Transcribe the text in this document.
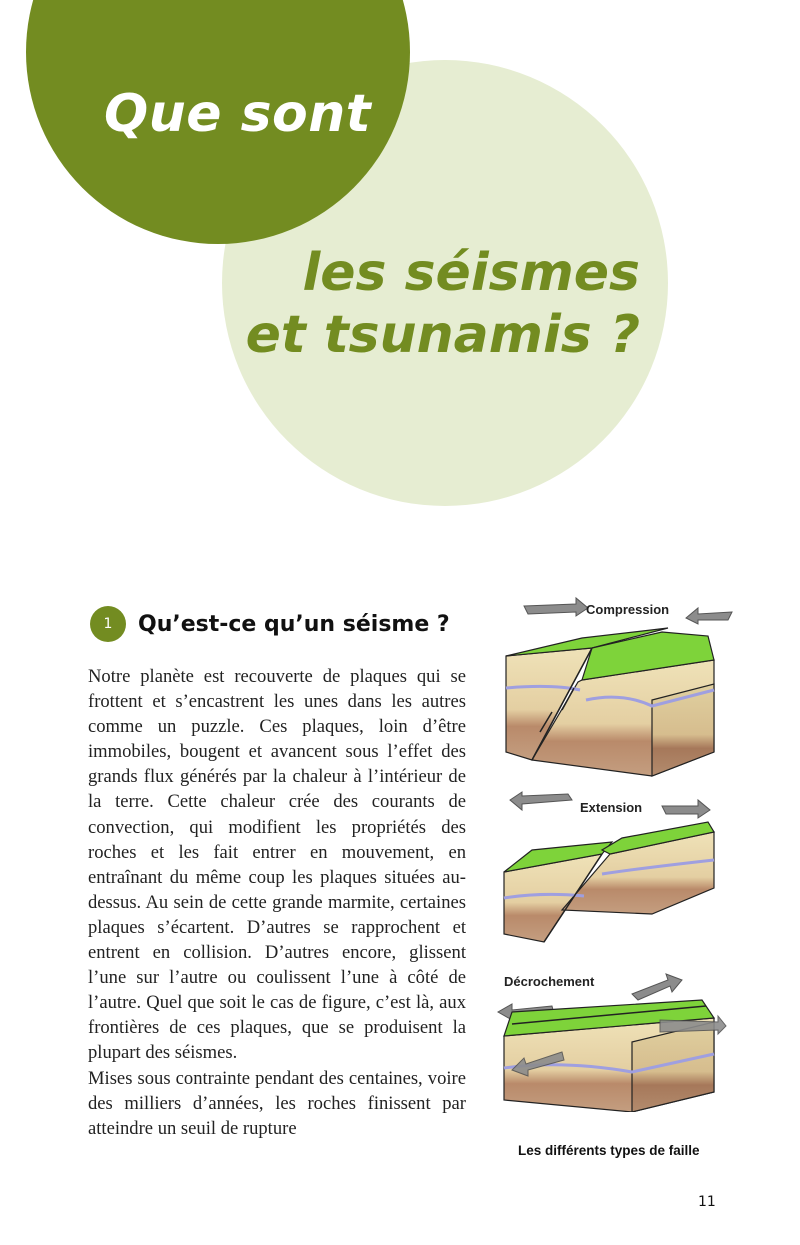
Que sont
les séismes
et tsunamis ?
1	Qu’est-ce qu’un séisme ?

Notre planète est recouverte de plaques qui se frottent et s’encastrent les unes dans les autres comme un puzzle. Ces plaques, loin d’être immobiles, bougent et avancent sous l’effet des grands flux générés par la chaleur à l’intérieur de la terre. Cette chaleur crée des courants de convection, qui modifient les propriétés des roches et les fait entrer en mouvement, en entraînant du même coup les plaques situées au-dessus. Au sein de cette grande marmite, certaines plaques s’écartent. D’autres se rapprochent et entrent en collision. D’autres encore, glissent l’une sur l’autre ou coulissent l’une à côté de l’autre. Quel que soit le cas de figure, c’est là, aux frontières de ces plaques, que se produisent la plupart des séismes.

Mises sous contrainte pendant des centaines, voire des milliers d’années, les roches finissent par atteindre un seuil de rupture

Compression
Extension
Décrochement
Les différents types de faille
11
